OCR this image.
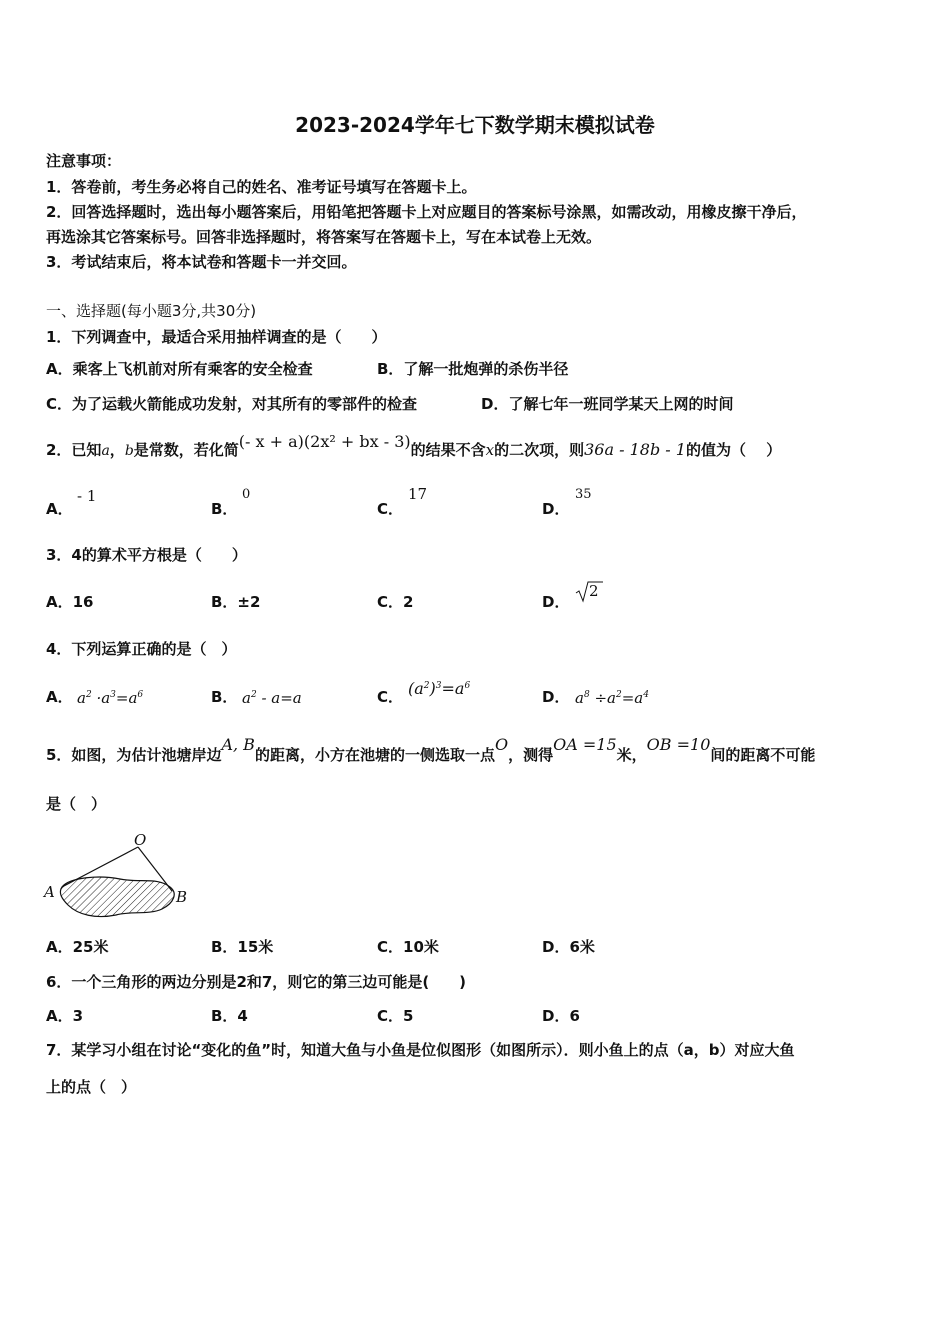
2023-2024学年七下数学期末模拟试卷
注意事项：
1．答卷前，考生务必将自己的姓名、准考证号填写在答题卡上。
2．回答选择题时，选出每小题答案后，用铅笔把答题卡上对应题目的答案标号涂黑，如需改动，用橡皮擦干净后，
再选涂其它答案标号。回答非选择题时，将答案写在答题卡上，写在本试卷上无效。
3．考试结束后，将本试卷和答题卡一并交回。
一、选择题(每小题3分,共30分)
1．下列调查中，最适合采用抽样调查的是（　　）
A．乘客上飞机前对所有乘客的安全检查	B．了解一批炮弹的杀伤半径
C．为了运载火箭能成功发射，对其所有的零部件的检查	D．了解七年一班同学某天上网的时间
2．已知a，b是常数，若化简(- x + a)(2x² + bx - 3)的结果不含x的二次项，则36a - 18b - 1的值为（　 ）
A．
- 1
B．
0
C．
17
D．
35
3．4的算术平方根是（　　）
A．16	B．±2	C．2	D．
2
4．下列运算正确的是（　）
A． $a^2 \cdot a^3=a^6$	B． $a^2 - a=a$	C． $(a^2)^3=a^6$
D． $a^8 \div a^2=a^4$
5．如图，为估计池塘岸边A, B的距离，小方在池塘的一侧选取一点O，测得OA =15米，OB =10间的距离不可能
是（　）
O
A	B
A．25米	B．15米	C．10米	D．6米
6．一个三角形的两边分别是2和7，则它的第三边可能是(　　)
A．3	B．4	C．5	D．6
7．某学习小组在讨论“变化的鱼”时，知道大鱼与小鱼是位似图形（如图所示）．则小鱼上的点（a，b）对应大鱼
上的点（　）
